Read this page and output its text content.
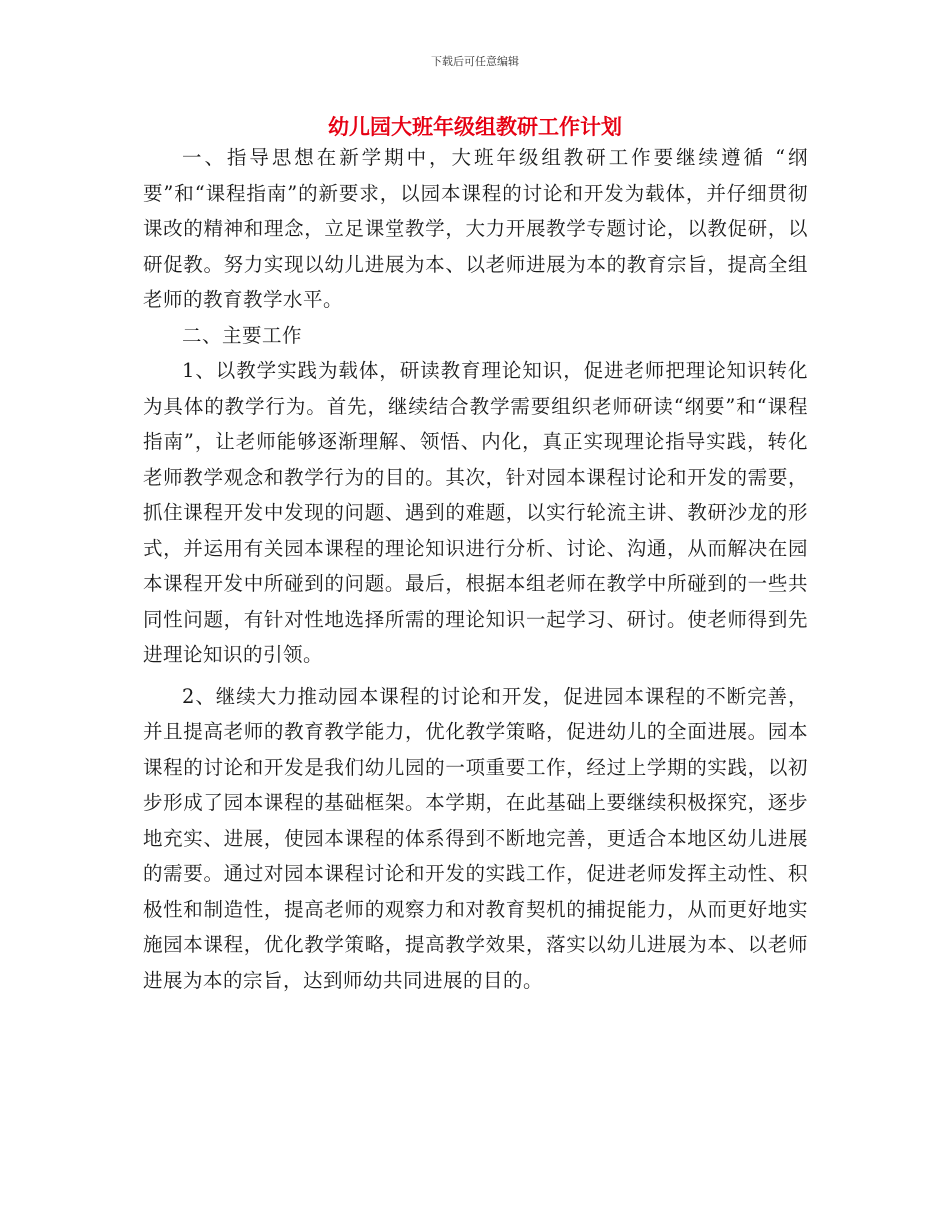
下载后可任意编辑

幼儿园大班年级组教研工作计划

一、指导思想在新学期中，大班年级组教研工作要继续遵循 “纲要”和“课程指南”的新要求，以园本课程的讨论和开发为载体，并仔细贯彻课改的精神和理念，立足课堂教学，大力开展教学专题讨论，以教促研，以研促教。努力实现以幼儿进展为本、以老师进展为本的教育宗旨，提高全组老师的教育教学水平。

二、主要工作

1、以教学实践为载体，研读教育理论知识，促进老师把理论知识转化为具体的教学行为。首先，继续结合教学需要组织老师研读“纲要”和“课程指南”，让老师能够逐渐理解、领悟、内化，真正实现理论指导实践，转化老师教学观念和教学行为的目的。其次，针对园本课程讨论和开发的需要，抓住课程开发中发现的问题、遇到的难题，以实行轮流主讲、教研沙龙的形式，并运用有关园本课程的理论知识进行分析、讨论、沟通，从而解决在园本课程开发中所碰到的问题。最后，根据本组老师在教学中所碰到的一些共同性问题，有针对性地选择所需的理论知识一起学习、研讨。使老师得到先进理论知识的引领。

2、继续大力推动园本课程的讨论和开发，促进园本课程的不断完善，并且提高老师的教育教学能力，优化教学策略，促进幼儿的全面进展。园本课程的讨论和开发是我们幼儿园的一项重要工作，经过上学期的实践，以初步形成了园本课程的基础框架。本学期，在此基础上要继续积极探究，逐步地充实、进展，使园本课程的体系得到不断地完善，更适合本地区幼儿进展的需要。通过对园本课程讨论和开发的实践工作，促进老师发挥主动性、积极性和制造性，提高老师的观察力和对教育契机的捕捉能力，从而更好地实施园本课程，优化教学策略，提高教学效果，落实以幼儿进展为本、以老师进展为本的宗旨，达到师幼共同进展的目的。
